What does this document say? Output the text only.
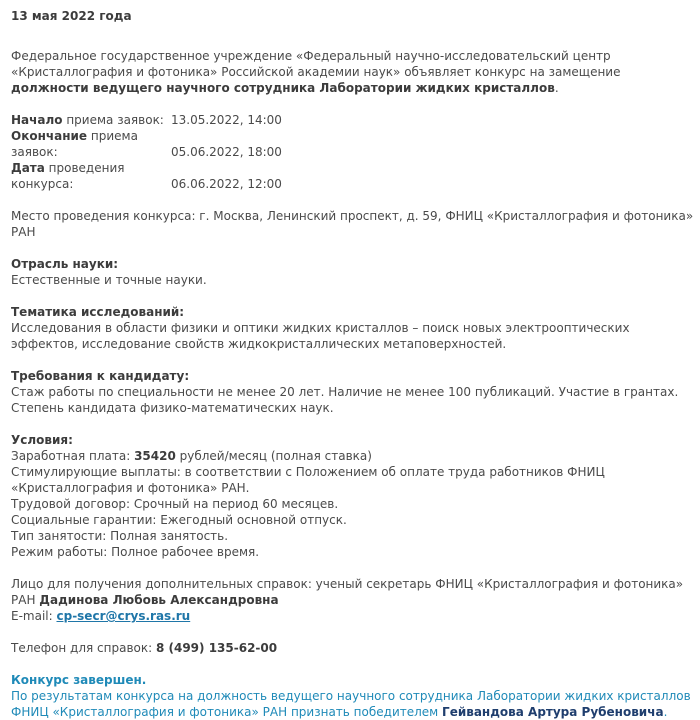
13 мая 2022 года

Федеральное государственное учреждение «Федеральный научно-исследовательский центр «Кристаллография и фотоника» Российской академии наук» объявляет конкурс на замещение должности ведущего научного сотрудника Лаборатории жидких кристаллов.

Начало приема заявок: 13.05.2022, 14:00

Окончание приема заявок:	05.06.2022, 18:00

Дата проведения конкурса:	06.06.2022, 12:00

Место проведения конкурса: г. Москва, Ленинский проспект, д. 59, ФНИЦ «Кристаллография и фотоника» РАН

Отрасль науки:

Естественные и точные науки.

Тематика исследований:

Исследования в области физики и оптики жидких кристаллов – поиск новых электрооптических эффектов, исследование свойств жидкокристаллических метаповерхностей.

Требования к кандидату:

Стаж работы по специальности не менее 20 лет. Наличие не менее 100 публикаций. Участие в грантах. Степень кандидата физико-математических наук.

Условия:

Заработная плата: 35420 рублей/месяц (полная ставка)

Стимулирующие выплаты: в соответствии с Положением об оплате труда работников ФНИЦ «Кристаллография и фотоника» РАН.

Трудовой договор: Срочный на период 60 месяцев.

Социальные гарантии: Ежегодный основной отпуск.

Тип занятости: Полная занятость.

Режим работы: Полное рабочее время.

Лицо для получения дополнительных справок: ученый секретарь ФНИЦ «Кристаллография и фотоника» РАН Дадинова Любовь Александровна

E-mail: cp-secr@crys.ras.ru

Телефон для справок: 8 (499) 135-62-00

Конкурс завершен.

По результатам конкурса на должность ведущего научного сотрудника Лаборатории жидких кристаллов ФНИЦ «Кристаллография и фотоника» РАН признать победителем Гейвандова Артура Рубеновича.
